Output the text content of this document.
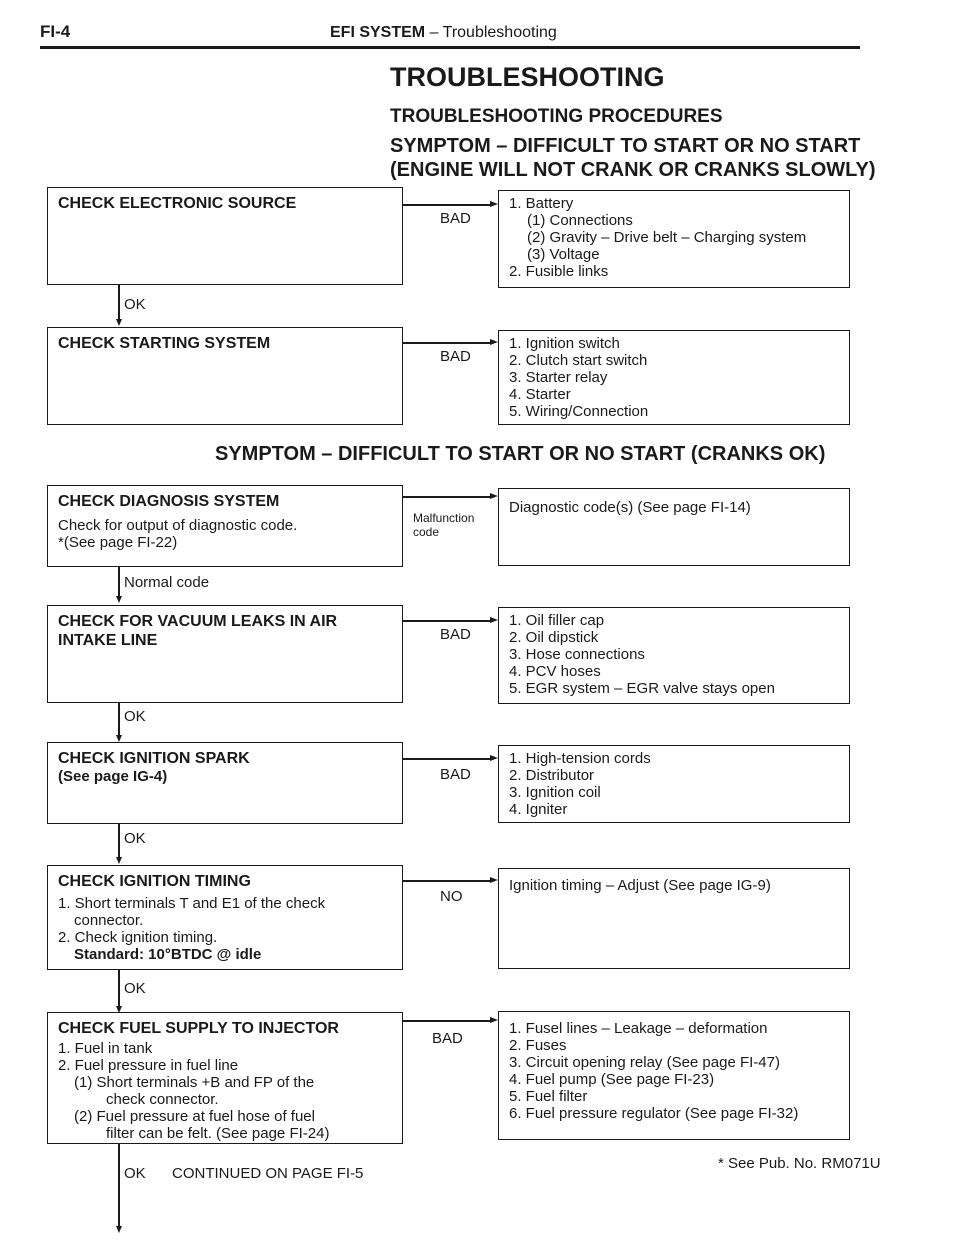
FI-4	EFI SYSTEM – Troubleshooting
TROUBLESHOOTING
TROUBLESHOOTING PROCEDURES
SYMPTOM – DIFFICULT TO START OR NO START
(ENGINE WILL NOT CRANK OR CRANKS SLOWLY)
CHECK ELECTRONIC SOURCE
BAD
1. Battery
(1) Connections
(2) Gravity – Drive belt – Charging system
(3) Voltage
2. Fusible links
OK
CHECK STARTING SYSTEM
BAD
1. Ignition switch
2. Clutch start switch
3. Starter relay
4. Starter
5. Wiring/Connection
SYMPTOM – DIFFICULT TO START OR NO START (CRANKS OK)
CHECK DIAGNOSIS SYSTEM
Check for output of diagnostic code.
*(See page FI-22)
Malfunction
code
Diagnostic code(s) (See page FI-14)
Normal code
CHECK FOR VACUUM LEAKS IN AIR
INTAKE LINE	BAD
1. Oil filler cap
2. Oil dipstick
3. Hose connections
4. PCV hoses
5. EGR system – EGR valve stays open
OK
CHECK IGNITION SPARK
(See page IG-4)	BAD
1. High-tension cords
2. Distributor
3. Ignition coil
4. Igniter
OK
CHECK IGNITION TIMING
1. Short terminals T and E1 of the check
connector.
2. Check ignition timing.
Standard: 10°BTDC @ idle
NO
Ignition timing – Adjust (See page IG-9)
OK
CHECK FUEL SUPPLY TO INJECTOR
1. Fuel in tank
2. Fuel pressure in fuel line
(1) Short terminals +B and FP of the
check connector.
(2) Fuel pressure at fuel hose of fuel
filter can be felt. (See page FI-24)
BAD
1. Fusel lines – Leakage – deformation
2. Fuses
3. Circuit opening relay (See page FI-47)
4. Fuel pump (See page FI-23)
5. Fuel filter
6. Fuel pressure regulator (See page FI-32)
OK CONTINUED ON PAGE FI-5
* See Pub. No. RM071U
